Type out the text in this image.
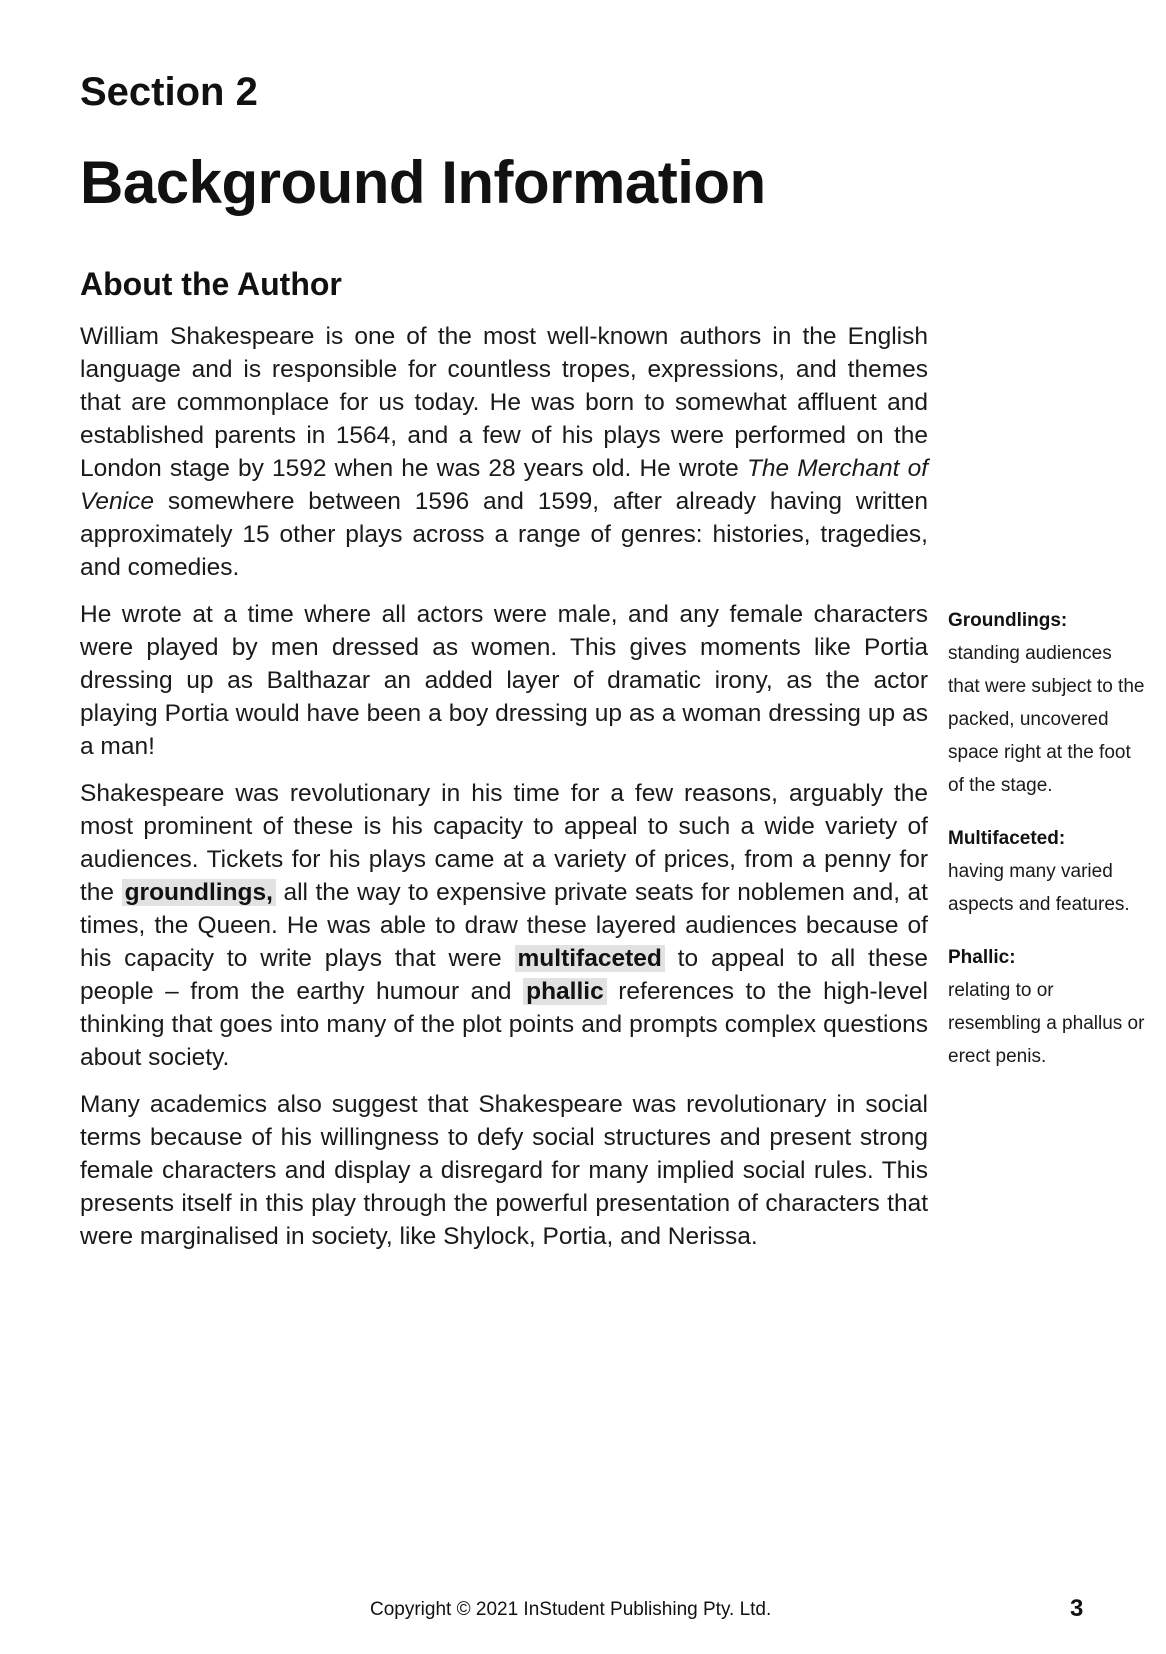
Section 2
Background Information
About the Author

William Shakespeare is one of the most well-known authors in the English language and is responsible for countless tropes, expressions, and themes that are commonplace for us today. He was born to somewhat affluent and established parents in 1564, and a few of his plays were performed on the London stage by 1592 when he was 28 years old. He wrote The Merchant of Venice somewhere between 1596 and 1599, after already having written approximately 15 other plays across a range of genres: histories, tragedies, and comedies.

He wrote at a time where all actors were male, and any female characters were played by men dressed as women. This gives moments like Portia dressing up as Balthazar an added layer of dramatic irony, as the actor playing Portia would have been a boy dressing up as a woman dressing up as a man!

Shakespeare was revolutionary in his time for a few reasons, arguably the most prominent of these is his capacity to appeal to such a wide variety of audiences. Tickets for his plays came at a variety of prices, from a penny for the groundlings, all the way to expensive private seats for noblemen and, at times, the Queen. He was able to draw these layered audiences because of his capacity to write plays that were multifaceted to appeal to all these people – from the earthy humour and phallic references to the high-level thinking that goes into many of the plot points and prompts complex questions about society.

Many academics also suggest that Shakespeare was revolutionary in social terms because of his willingness to defy social structures and present strong female characters and display a disregard for many implied social rules. This presents itself in this play through the powerful presentation of characters that were marginalised in society, like Shylock, Portia, and Nerissa.

Groundlings:
standing audiences that were subject to the packed, uncovered space right at the foot of the stage.
Multifaceted:
having many varied aspects and features.
Phallic:
relating to or resembling a phallus or erect penis.
Copyright © 2021 InStudent Publishing Pty. Ltd.	3
